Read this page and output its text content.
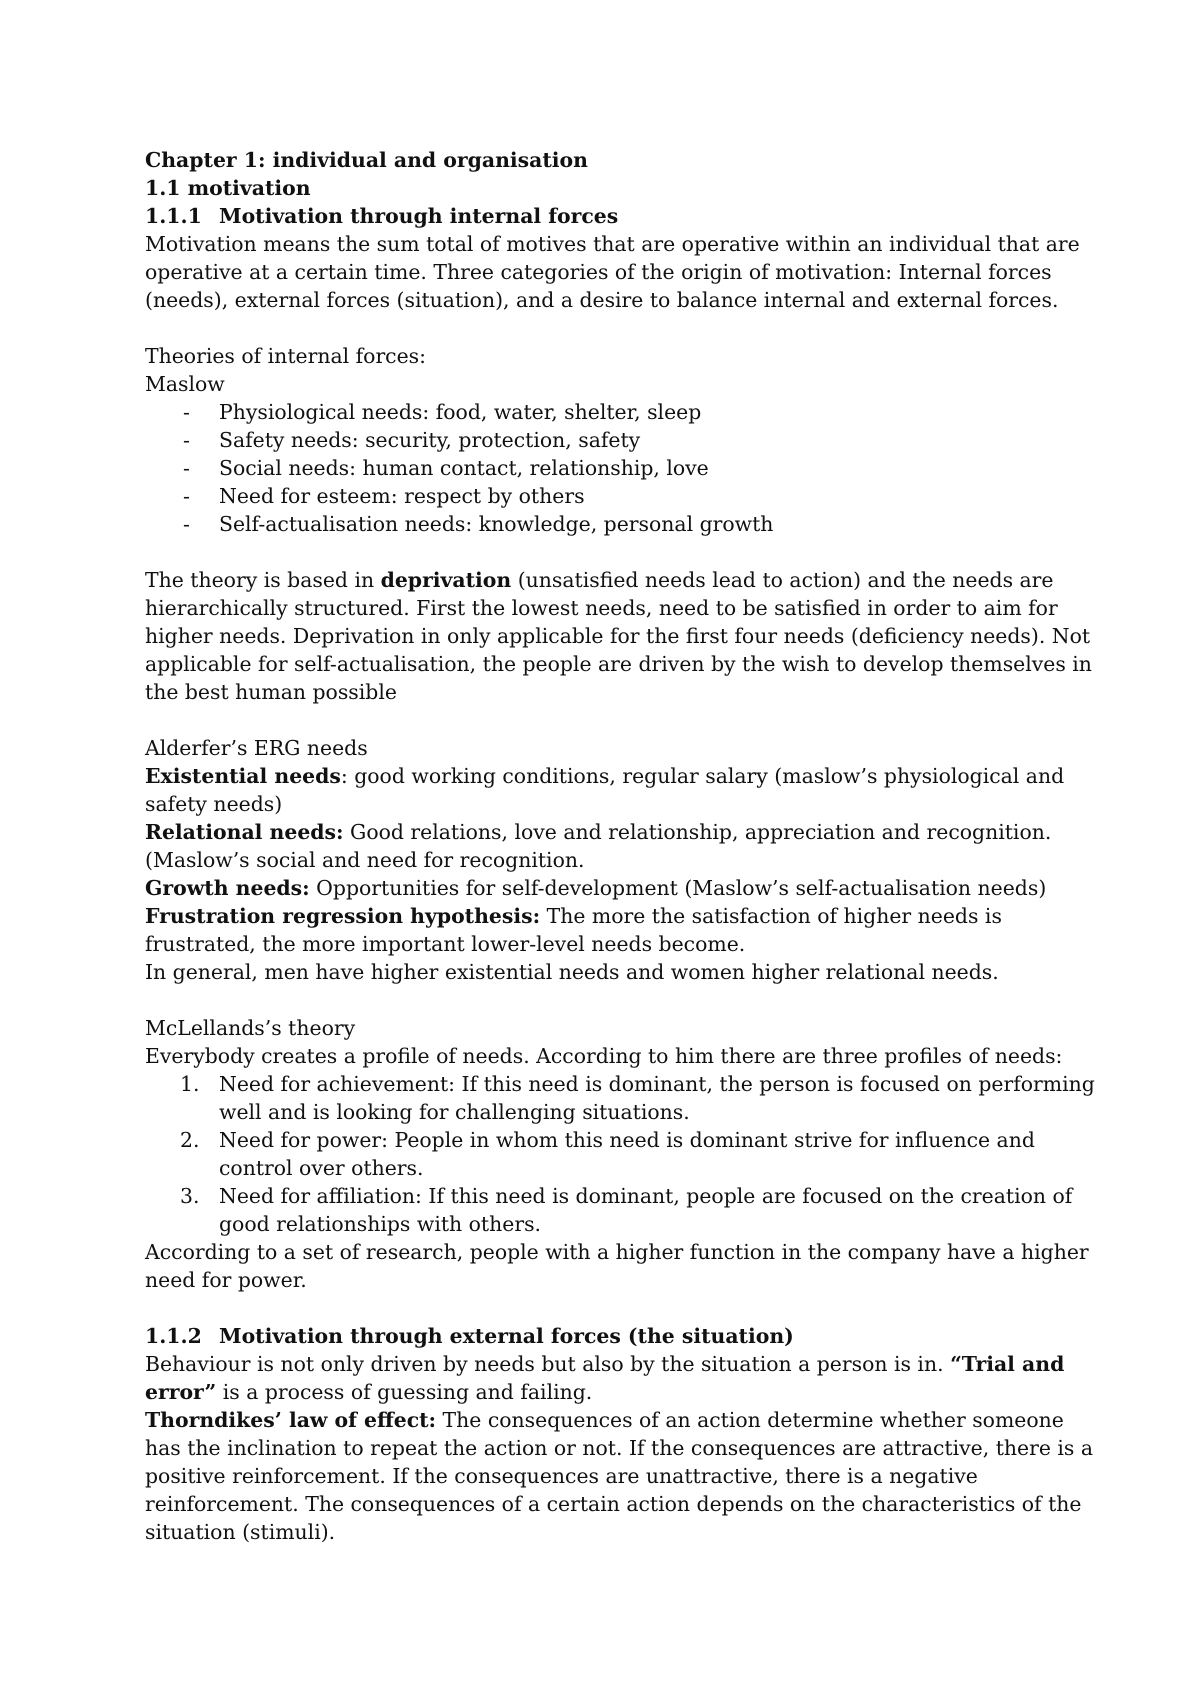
Chapter 1: individual and organisation

1.1 motivation

1.1.1 Motivation through internal forces

Motivation means the sum total of motives that are operative within an individual that are operative at a certain time. Three categories of the origin of motivation: Internal forces (needs), external forces (situation), and a desire to balance internal and external forces.

Theories of internal forces:

Maslow

- Physiological needs: food, water, shelter, sleep
- Safety needs: security, protection, safety
- Social needs: human contact, relationship, love
- Need for esteem: respect by others
- Self-actualisation needs: knowledge, personal growth

The theory is based in deprivation (unsatisfied needs lead to action) and the needs are hierarchically structured. First the lowest needs, need to be satisfied in order to aim for higher needs. Deprivation in only applicable for the first four needs (deficiency needs). Not applicable for self-actualisation, the people are driven by the wish to develop themselves in the best human possible

Alderfer’s ERG needs

Existential needs: good working conditions, regular salary (maslow’s physiological and safety needs)

Relational needs: Good relations, love and relationship, appreciation and recognition. (Maslow’s social and need for recognition.

Growth needs: Opportunities for self-development (Maslow’s self-actualisation needs)

Frustration regression hypothesis: The more the satisfaction of higher needs is frustrated, the more important lower-level needs become.

In general, men have higher existential needs and women higher relational needs.

McLellands’s theory

Everybody creates a profile of needs. According to him there are three profiles of needs:

1. Need for achievement: If this need is dominant, the person is focused on performing well and is looking for challenging situations.
2. Need for power: People in whom this need is dominant strive for influence and control over others.
3. Need for affiliation: If this need is dominant, people are focused on the creation of good relationships with others.

According to a set of research, people with a higher function in the company have a higher need for power.

1.1.2 Motivation through external forces (the situation)

Behaviour is not only driven by needs but also by the situation a person is in. “Trial and error” is a process of guessing and failing.

Thorndikes’ law of effect: The consequences of an action determine whether someone has the inclination to repeat the action or not. If the consequences are attractive, there is a positive reinforcement. If the consequences are unattractive, there is a negative reinforcement. The consequences of a certain action depends on the characteristics of the situation (stimuli).
